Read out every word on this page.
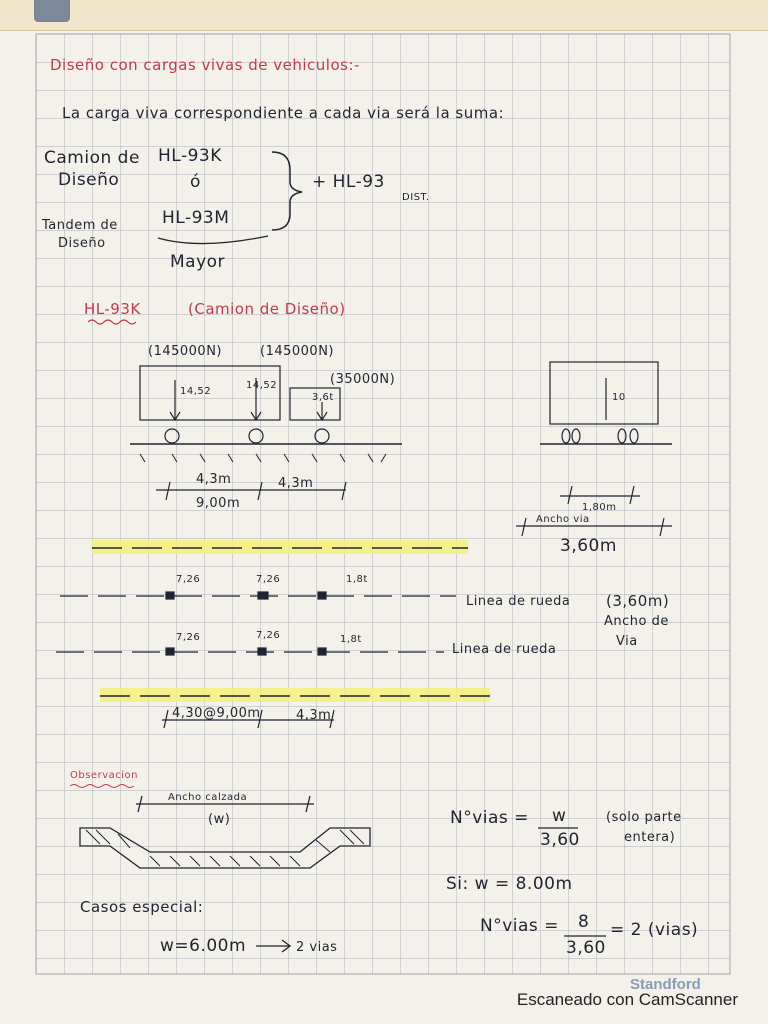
Diseño con cargas vivas de vehiculos:-
La carga viva correspondiente a cada via será la suma:
Camion de
Diseño
HL-93K
ó
HL-93M
Tandem de
Diseño
Mayor
+ HL-93
DIST.
HL-93K	(Camion de Diseño)
(145000N)	(145000N)
(35000N)
14,52
14,52
3,6t
4,3m	4,3m
9,00m
10
1,80m
Ancho via
3,60m
7,26	7,26	1,8t
Linea de rueda
7,26	7,26	1,8t
Linea de rueda
(3,60m)
Ancho de
Via
4,30@9,00m	4,3m
Observacion
Ancho calzada
(w)	N°vias = w
3,60
(solo parte
entera)
Si: w = 8.00m
N°vias = 8
3,60
= 2 (vias)
Casos especial:
w=6.00m	2 vias
Standford
Escaneado con CamScanner
